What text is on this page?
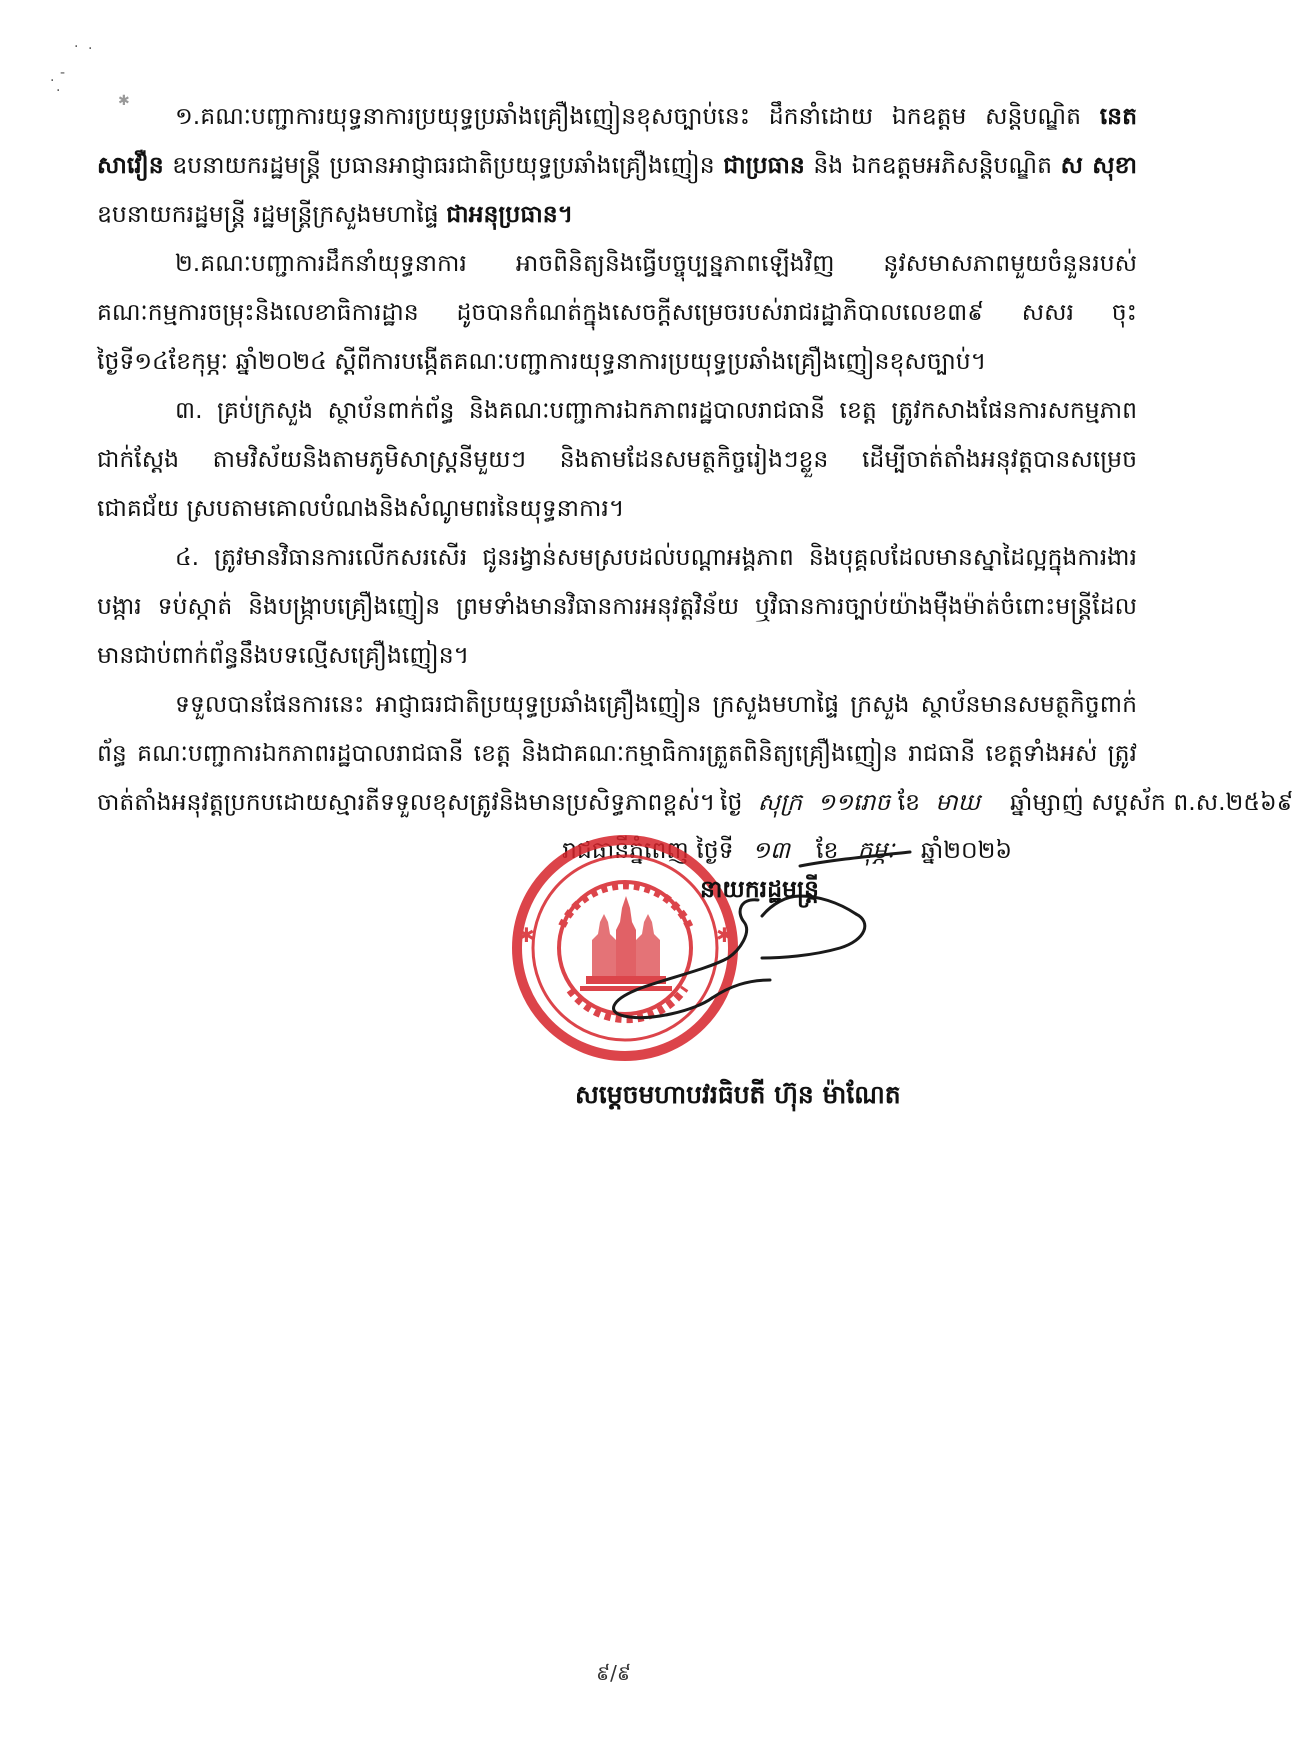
· ·
-
·
·
✱

១.គណៈបញ្ជាការយុទ្ធនាការប្រយុទ្ធប្រឆាំងគ្រឿងញៀនខុសច្បាប់នេះ ដឹកនាំដោយ ឯកឧត្តម សន្តិបណ្ឌិត នេត សាវឿន ឧបនាយករដ្ឋមន្ត្រី ប្រធានអាជ្ញាធរជាតិប្រយុទ្ធប្រឆាំងគ្រឿងញៀន ជាប្រធាន និង ឯកឧត្តមអភិសន្តិបណ្ឌិត ស សុខា ឧបនាយករដ្ឋមន្ត្រី រដ្ឋមន្ត្រីក្រសួងមហាផ្ទៃ ជាអនុប្រធាន។

២.គណៈបញ្ជាការដឹកនាំយុទ្ធនាការ អាចពិនិត្យនិងធ្វើបច្ចុប្បន្នភាពឡើងវិញ នូវសមាសភាពមួយចំនួនរបស់គណៈកម្មការចម្រុះនិងលេខាធិការដ្ឋាន ដូចបានកំណត់ក្នុងសេចក្តីសម្រេចរបស់រាជរដ្ឋាភិបាលលេខ៣៩ សសរ ចុះថ្ងៃទី១៤ខែកុម្ភៈ ឆ្នាំ២០២៤ ស្តីពីការបង្កើតគណៈបញ្ជាការយុទ្ធនាការប្រយុទ្ធប្រឆាំងគ្រឿងញៀនខុសច្បាប់។

៣. គ្រប់ក្រសួង ស្ថាប័នពាក់ព័ន្ធ និងគណៈបញ្ជាការឯកភាពរដ្ឋបាលរាជធានី ខេត្ត ត្រូវកសាងផែនការសកម្មភាពជាក់ស្តែង តាមវិស័យនិងតាមភូមិសាស្ត្រនីមួយៗ និងតាមដែនសមត្ថកិច្ចរៀងៗខ្លួន ដើម្បីចាត់តាំងអនុវត្តបានសម្រេចជោគជ័យ ស្របតាមគោលបំណងនិងសំណូមពរនៃយុទ្ធនាការ។

៤. ត្រូវមានវិធានការលើកសរសើរ ជូនរង្វាន់សមស្របដល់បណ្តាអង្គភាព និងបុគ្គលដែលមានស្នាដៃល្អក្នុងការងារបង្ការ ទប់ស្កាត់ និងបង្ក្រាបគ្រឿងញៀន ព្រមទាំងមានវិធានការអនុវត្តវិន័យ ឬវិធានការច្បាប់យ៉ាងម៉ឺងម៉ាត់ចំពោះមន្ត្រីដែលមានជាប់ពាក់ព័ន្ធនឹងបទល្មើសគ្រឿងញៀន។

ទទួលបានផែនការនេះ អាជ្ញាធរជាតិប្រយុទ្ធប្រឆាំងគ្រឿងញៀន ក្រសួងមហាផ្ទៃ ក្រសួង ស្ថាប័នមានសមត្ថកិច្ចពាក់ព័ន្ធ គណៈបញ្ជាការឯកភាពរដ្ឋបាលរាជធានី ខេត្ត និងជាគណៈកម្មាធិការត្រួតពិនិត្យគ្រឿងញៀន រាជធានី ខេត្តទាំងអស់ ត្រូវចាត់តាំងអនុវត្តប្រកបដោយស្មារតីទទួលខុសត្រូវនិងមានប្រសិទ្ធភាពខ្ពស់។ ថ្ងៃ សុក្រ ១១រោច ខែ មាឃ ឆ្នាំម្សាញ់ សប្តស័ក ព.ស.២៥៦៩
រាជធានីភ្នំពេញ ថ្ងៃទី ១៣ ខែ កុម្ភៈ ឆ្នាំ២០២៦
✱	✱
នាយករដ្ឋមន្ត្រី
សម្តេចមហាបវរធិបតី ហ៊ុន ម៉ាណែត
៩/៩
